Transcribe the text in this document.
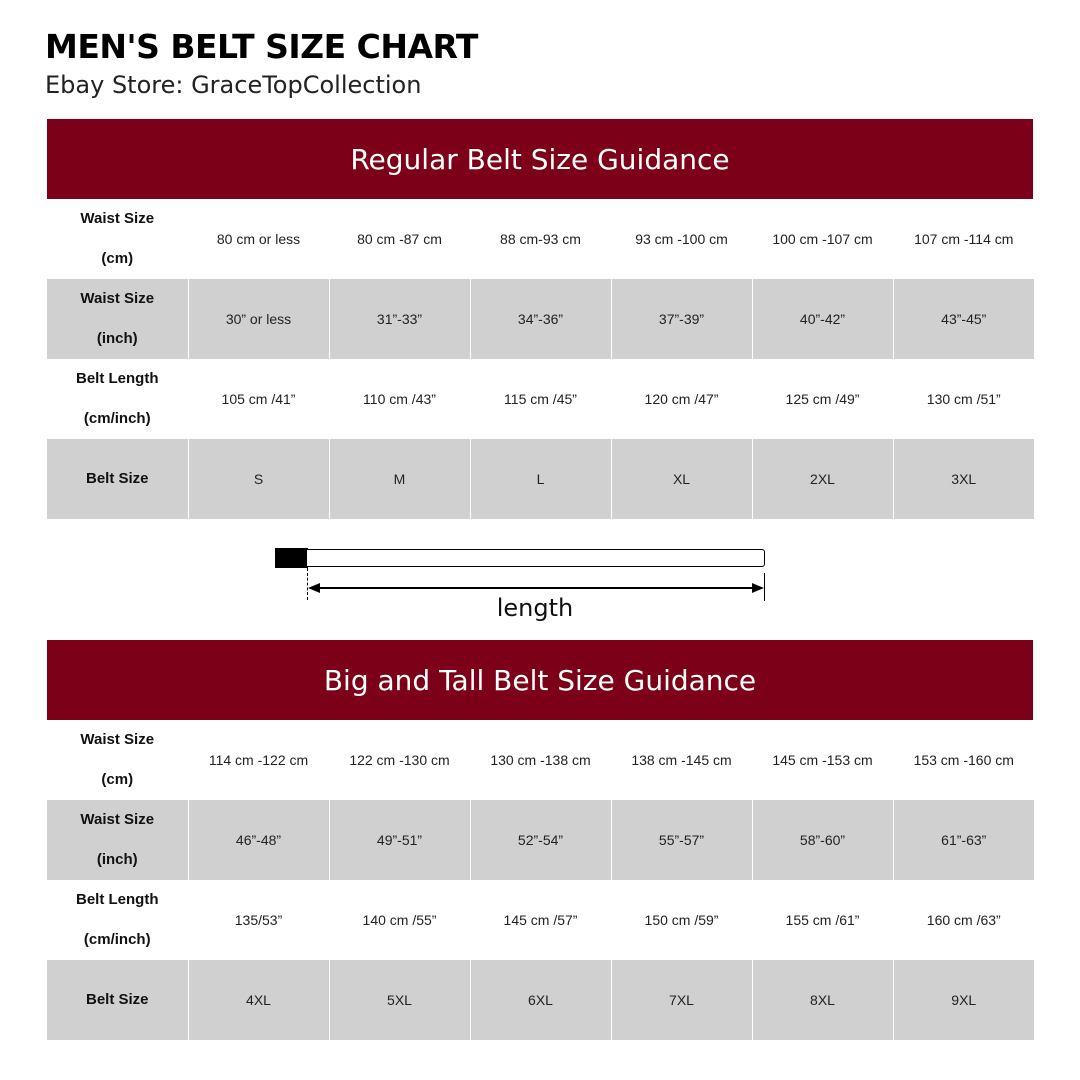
MEN'S BELT SIZE CHART
Ebay Store: GraceTopCollection
Regular Belt Size Guidance
Waist Size
(cm)	80 cm or less	80 cm -87 cm	88 cm-93 cm	93 cm -100 cm	100 cm -107 cm	107 cm -114 cm

Waist Size
(inch)	30” or less	31”-33”	34”-36”	37”-39”	40”-42”	43”-45”

Belt Length
(cm/inch)	105 cm /41”	110 cm /43”	115 cm /45”	120 cm /47”	125 cm /49”	130 cm /51”

Belt Size	S	M	L	XL	2XL	3XL
length
Big and Tall Belt Size Guidance
Waist Size
(cm)	114 cm -122 cm	122 cm -130 cm	130 cm -138 cm	138 cm -145 cm	145 cm -153 cm	153 cm -160 cm

Waist Size
(inch)	46”-48”	49”-51”	52”-54”	55”-57”	58”-60”	61”-63”

Belt Length
(cm/inch)	135/53”	140 cm /55”	145 cm /57”	150 cm /59”	155 cm /61”	160 cm /63”

Belt Size	4XL	5XL	6XL	7XL	8XL	9XL
